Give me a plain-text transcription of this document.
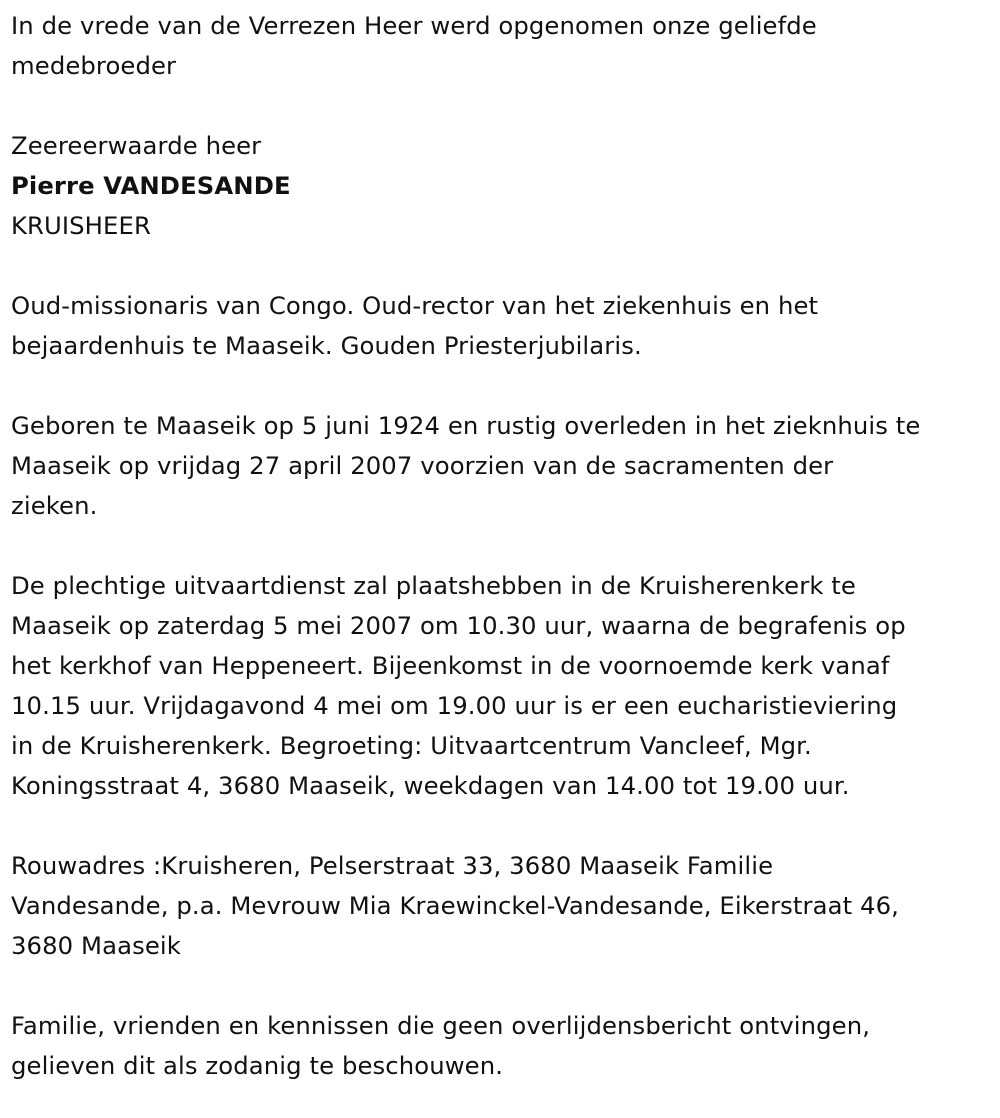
In de vrede van de Verrezen Heer werd opgenomen onze geliefde
medebroeder
Zeereerwaarde heer
Pierre VANDESANDE
KRUISHEER
Oud-missionaris van Congo. Oud-rector van het ziekenhuis en het
bejaardenhuis te Maaseik. Gouden Priesterjubilaris.
Geboren te Maaseik op 5 juni 1924 en rustig overleden in het zieknhuis te
Maaseik op vrijdag 27 april 2007 voorzien van de sacramenten der
zieken.
De plechtige uitvaartdienst zal plaatshebben in de Kruisherenkerk te
Maaseik op zaterdag 5 mei 2007 om 10.30 uur, waarna de begrafenis op
het kerkhof van Heppeneert. Bijeenkomst in de voornoemde kerk vanaf
10.15 uur. Vrijdagavond 4 mei om 19.00 uur is er een eucharistieviering
in de Kruisherenkerk. Begroeting: Uitvaartcentrum Vancleef, Mgr.
Koningsstraat 4, 3680 Maaseik, weekdagen van 14.00 tot 19.00 uur.
Rouwadres :Kruisheren, Pelserstraat 33, 3680 Maaseik Familie
Vandesande, p.a. Mevrouw Mia Kraewinckel-Vandesande, Eikerstraat 46,
3680 Maaseik
Familie, vrienden en kennissen die geen overlijdensbericht ontvingen,
gelieven dit als zodanig te beschouwen.
